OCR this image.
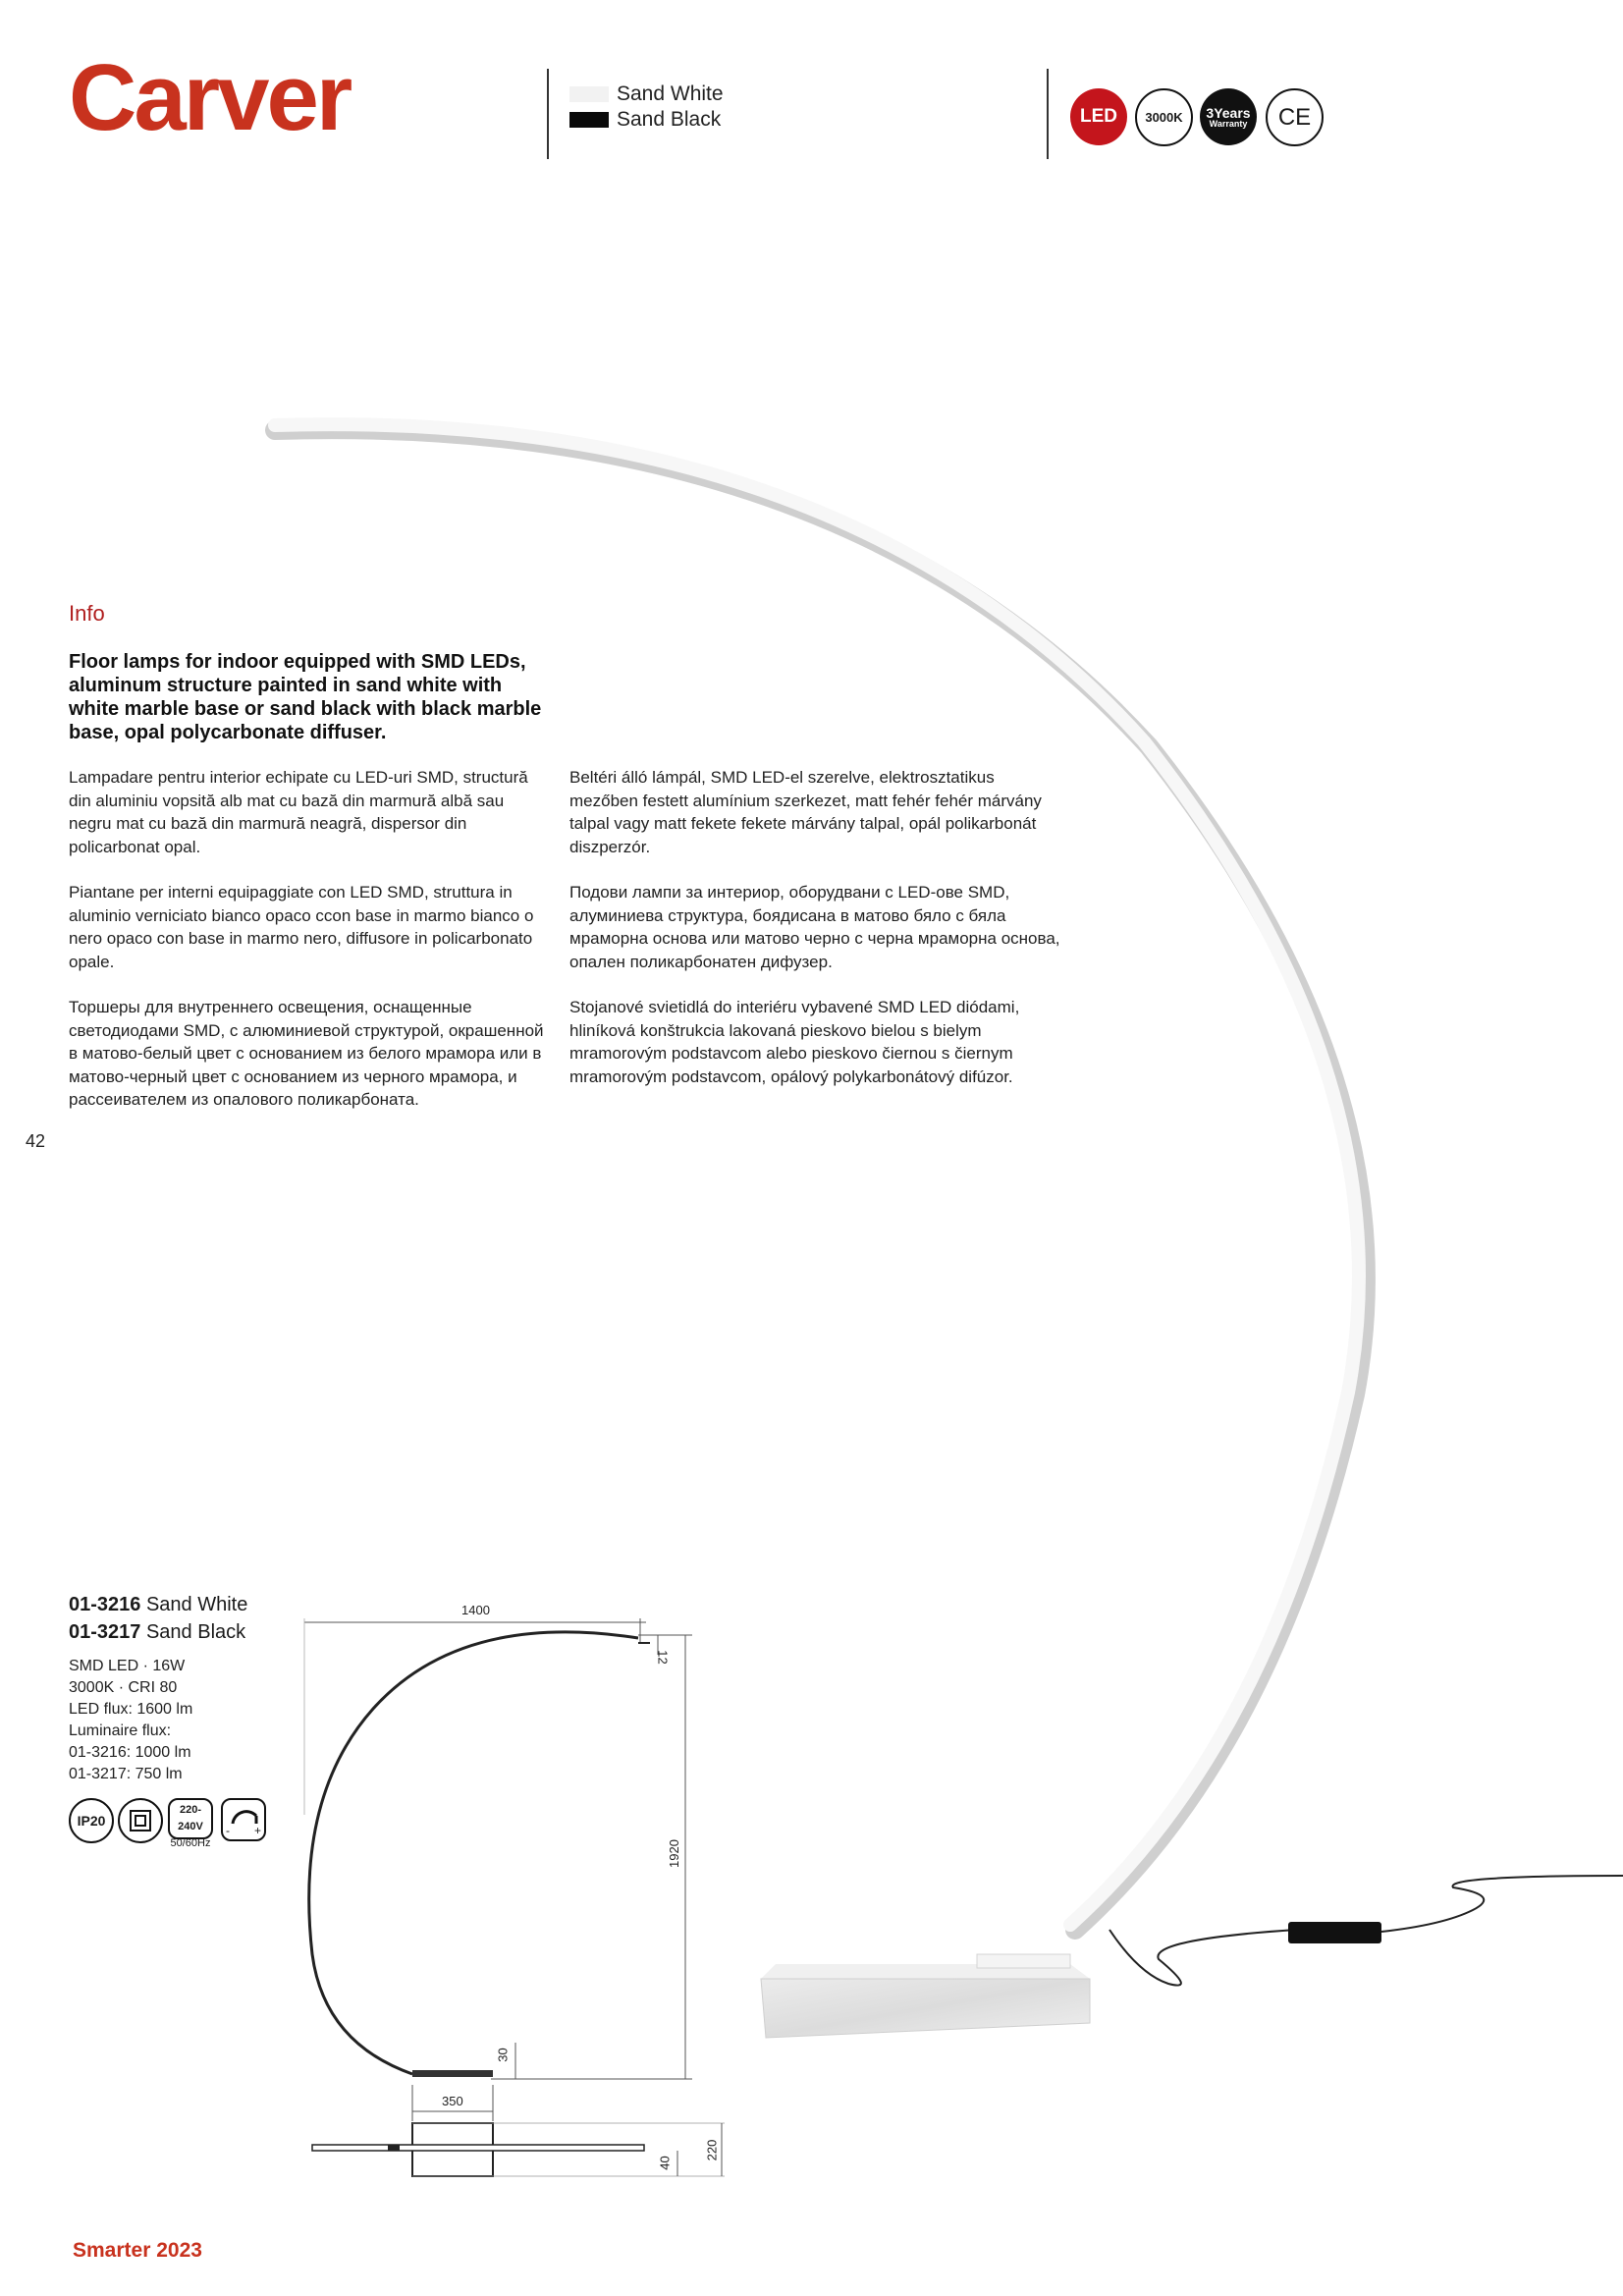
Carver	Sand White
Sand Black	LED 3000K 3Years
Warranty CE
Info
Floor lamps for indoor equipped with SMD LEDs, aluminum structure painted in sand white with white marble base or sand black with black marble base, opal polycarbonate diffuser.
Lampadare pentru interior echipate cu LED-uri SMD, structură din aluminiu vopsită alb mat cu bază din marmură albă sau negru mat cu bază din marmură neagră, dispersor din policarbonat opal.
Piantane per interni equipaggiate con LED SMD, struttura in aluminio verniciato bianco opaco ccon base in marmo bianco o nero opaco con base in marmo nero, diffusore in policarbonato opale.
Торшеры для внутреннего освещения, оснащенные светодиодами SMD, с алюминиевой структурой, окрашенной в матово-белый цвет с основанием из белого мрамора или в матово-черный цвет с основанием из черного мрамора, и рассеивателем из опалового поликарбоната.
Beltéri álló lámpál, SMD LED-el szerelve, elektrosztatikus mezőben festett alumínium szerkezet, matt fehér fehér márvány talpal vagy matt fekete fekete márvány talpal, opál polikarbonát diszperzór.
Подови лампи за интериор, оборудвани с LED-ове SMD, алуминиева структура, боядисана в матово бяло с бяла мраморна основа или матово черно с черна мраморна основа, опален поликарбонатен дифузер.
Stojanové svietidlá do interiéru vybavené SMD LED diódami, hliníková konštrukcia lakovaná pieskovo bielou s bielym mramorovým podstavcom alebo pieskovo čiernou s čiernym mramorovým podstavcom, opálový polykarbonátový difúzor.
42
01-3216 Sand White
01-3217 Sand Black
SMD LED · 16W
3000K · CRI 80
LED flux: 1600 lm
Luminaire flux:
01-3216: 1000 lm
01-3217: 750 lm
IP20
220-240V
50/60Hz
- +
1400
12
1920
30
350
40
220
Smarter 2023
